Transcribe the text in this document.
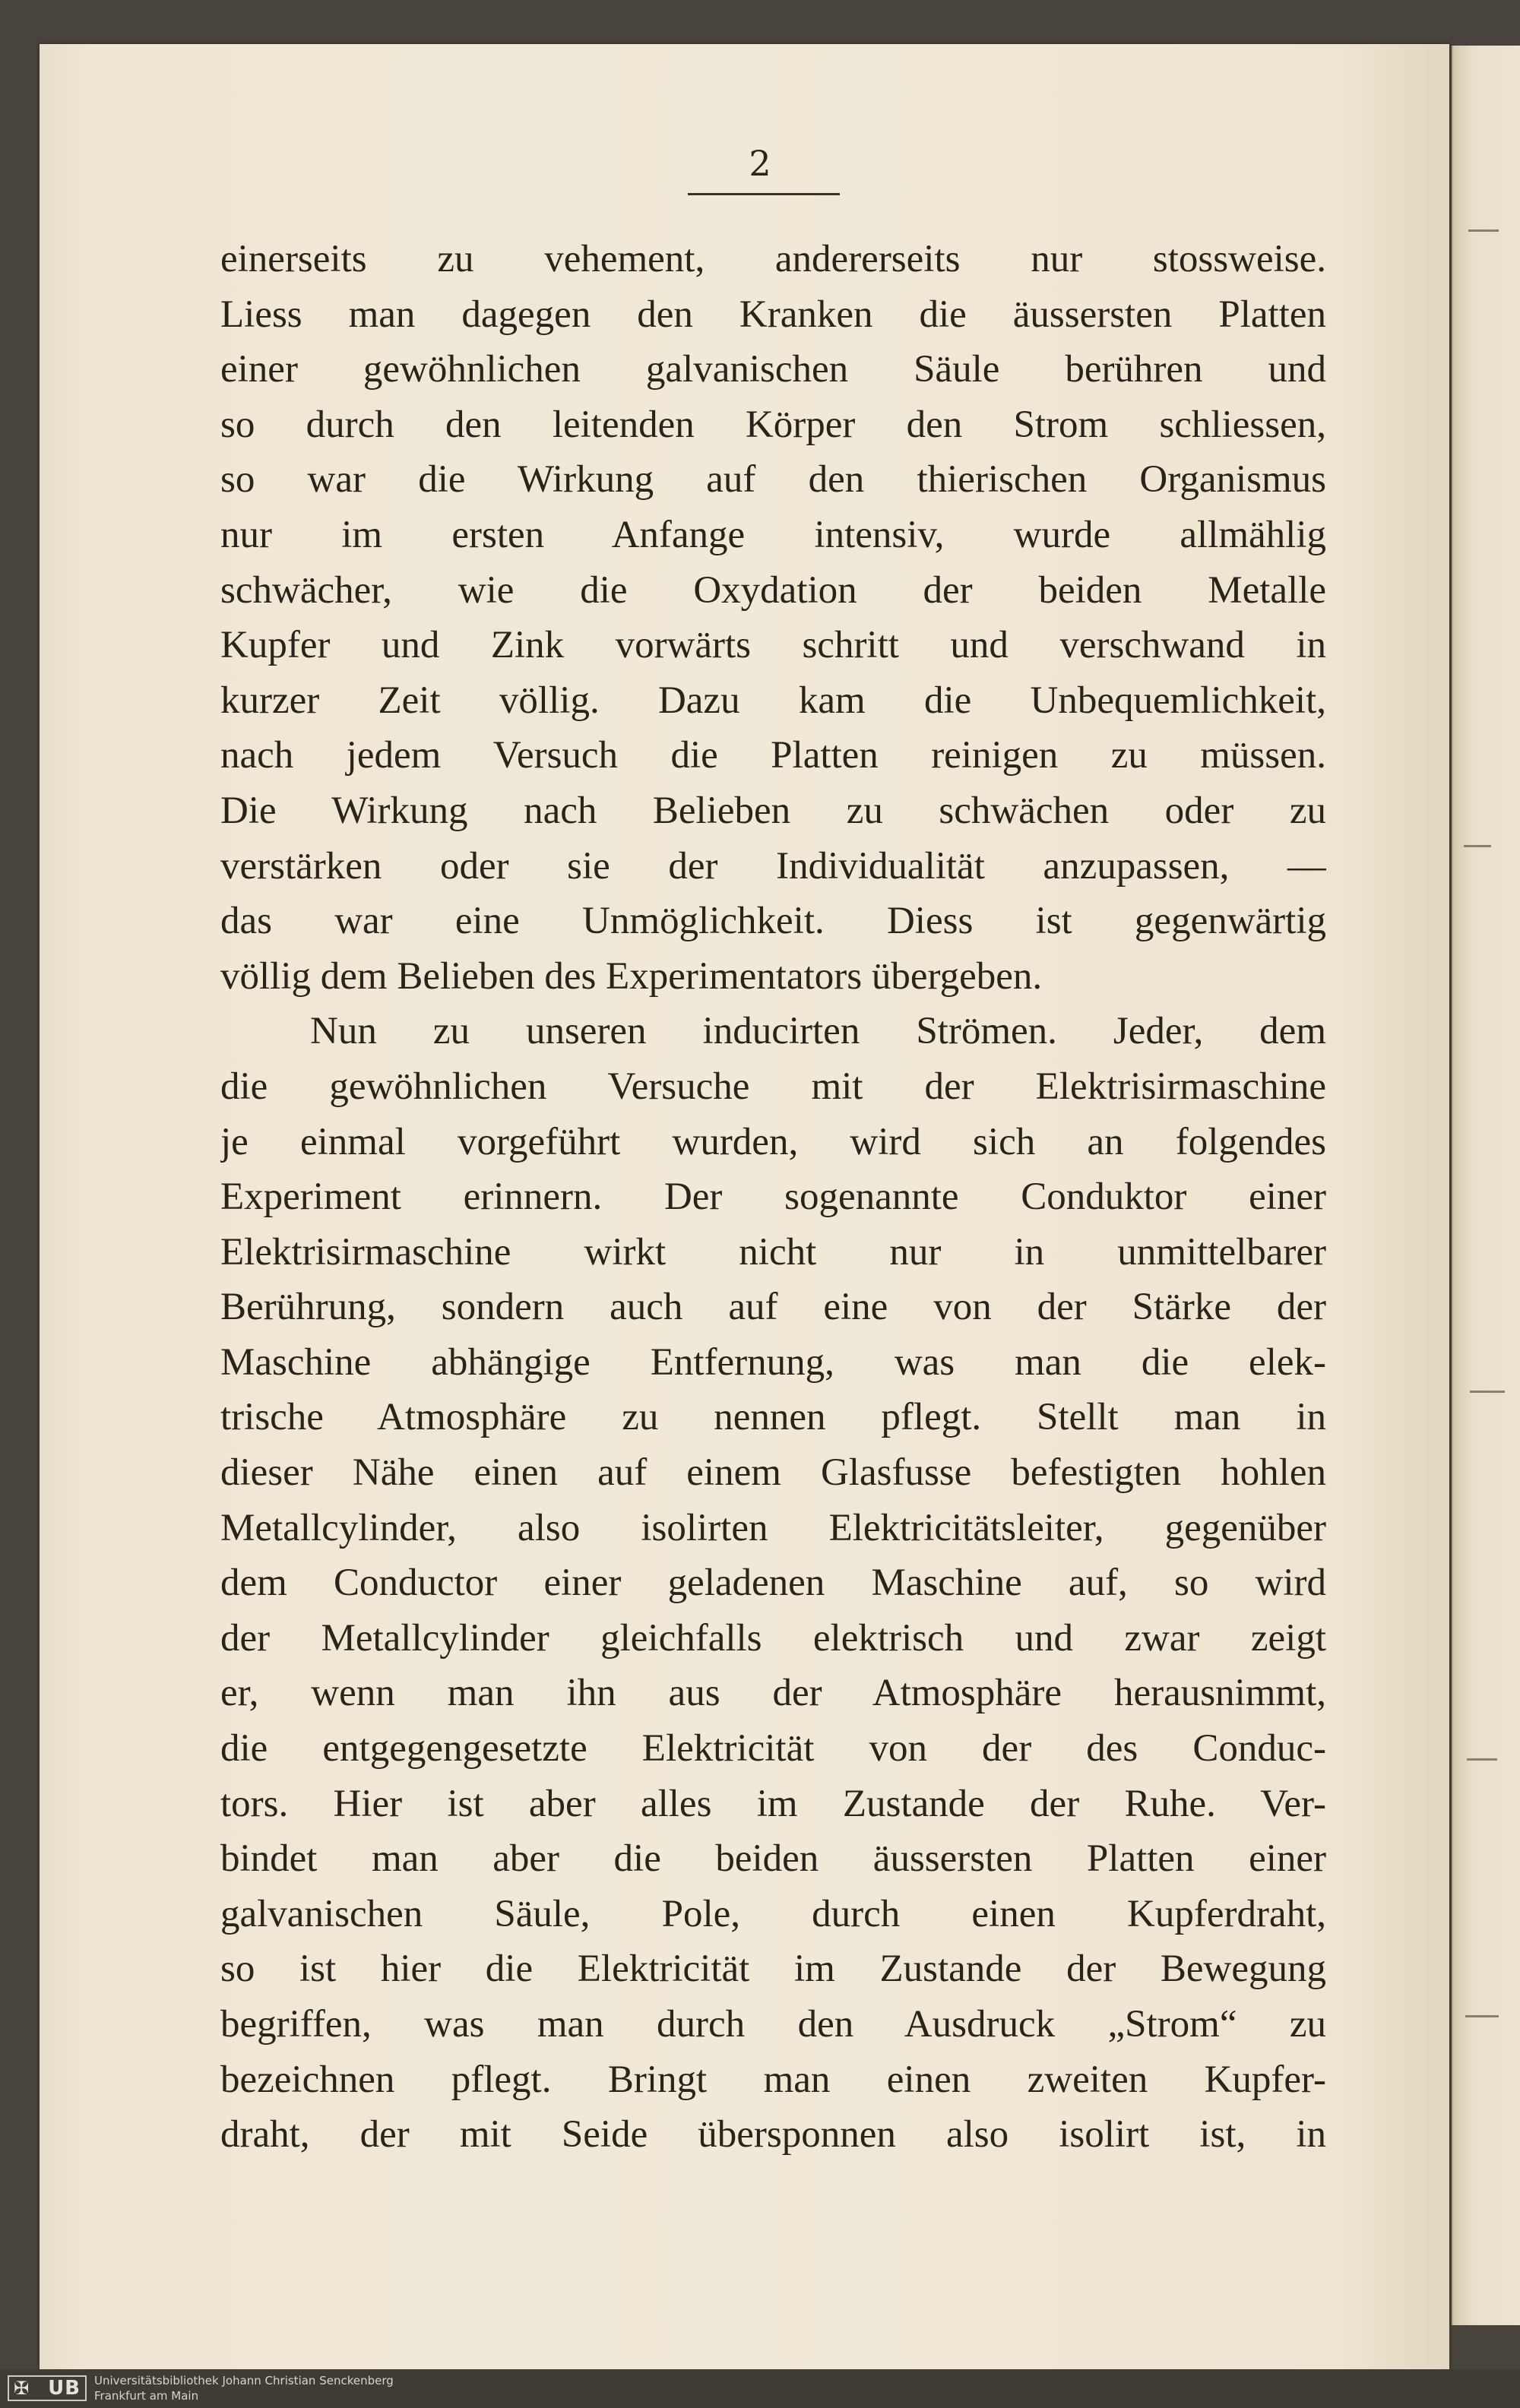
2
einerseits zu vehement, andererseits nur stossweise.
Liess man dagegen den Kranken die äussersten Platten
einer gewöhnlichen galvanischen Säule berühren und
so durch den leitenden Körper den Strom schliessen,
so war die Wirkung auf den thierischen Organismus
nur im ersten Anfange intensiv, wurde allmählig
schwächer, wie die Oxydation der beiden Metalle
Kupfer und Zink vorwärts schritt und verschwand in
kurzer Zeit völlig. Dazu kam die Unbequemlichkeit,
nach jedem Versuch die Platten reinigen zu müssen.
Die Wirkung nach Belieben zu schwächen oder zu
verstärken oder sie der Individualität anzupassen, —
das war eine Unmöglichkeit. Diess ist gegenwärtig
völlig dem Belieben des Experimentators übergeben.
Nun zu unseren inducirten Strömen. Jeder, dem
die gewöhnlichen Versuche mit der Elektrisirmaschine
je einmal vorgeführt wurden, wird sich an folgendes
Experiment erinnern. Der sogenannte Conduktor einer
Elektrisirmaschine wirkt nicht nur in unmittelbarer
Berührung, sondern auch auf eine von der Stärke der
Maschine abhängige Entfernung, was man die elek-
trische Atmosphäre zu nennen pflegt. Stellt man in
dieser Nähe einen auf einem Glasfusse befestigten hohlen
Metallcylinder, also isolirten Elektricitätsleiter, gegenüber
dem Conductor einer geladenen Maschine auf, so wird
der Metallcylinder gleichfalls elektrisch und zwar zeigt
er, wenn man ihn aus der Atmosphäre herausnimmt,
die entgegengesetzte Elektricität von der des Conduc-
tors. Hier ist aber alles im Zustande der Ruhe. Ver-
bindet man aber die beiden äussersten Platten einer
galvanischen Säule, Pole, durch einen Kupferdraht,
so ist hier die Elektricität im Zustande der Bewegung
begriffen, was man durch den Ausdruck „Strom“ zu
bezeichnen pflegt. Bringt man einen zweiten Kupfer-
draht, der mit Seide übersponnen also isolirt ist, in
✠ UB Universitätsbibliothek Johann Christian Senckenberg
Frankfurt am Main
